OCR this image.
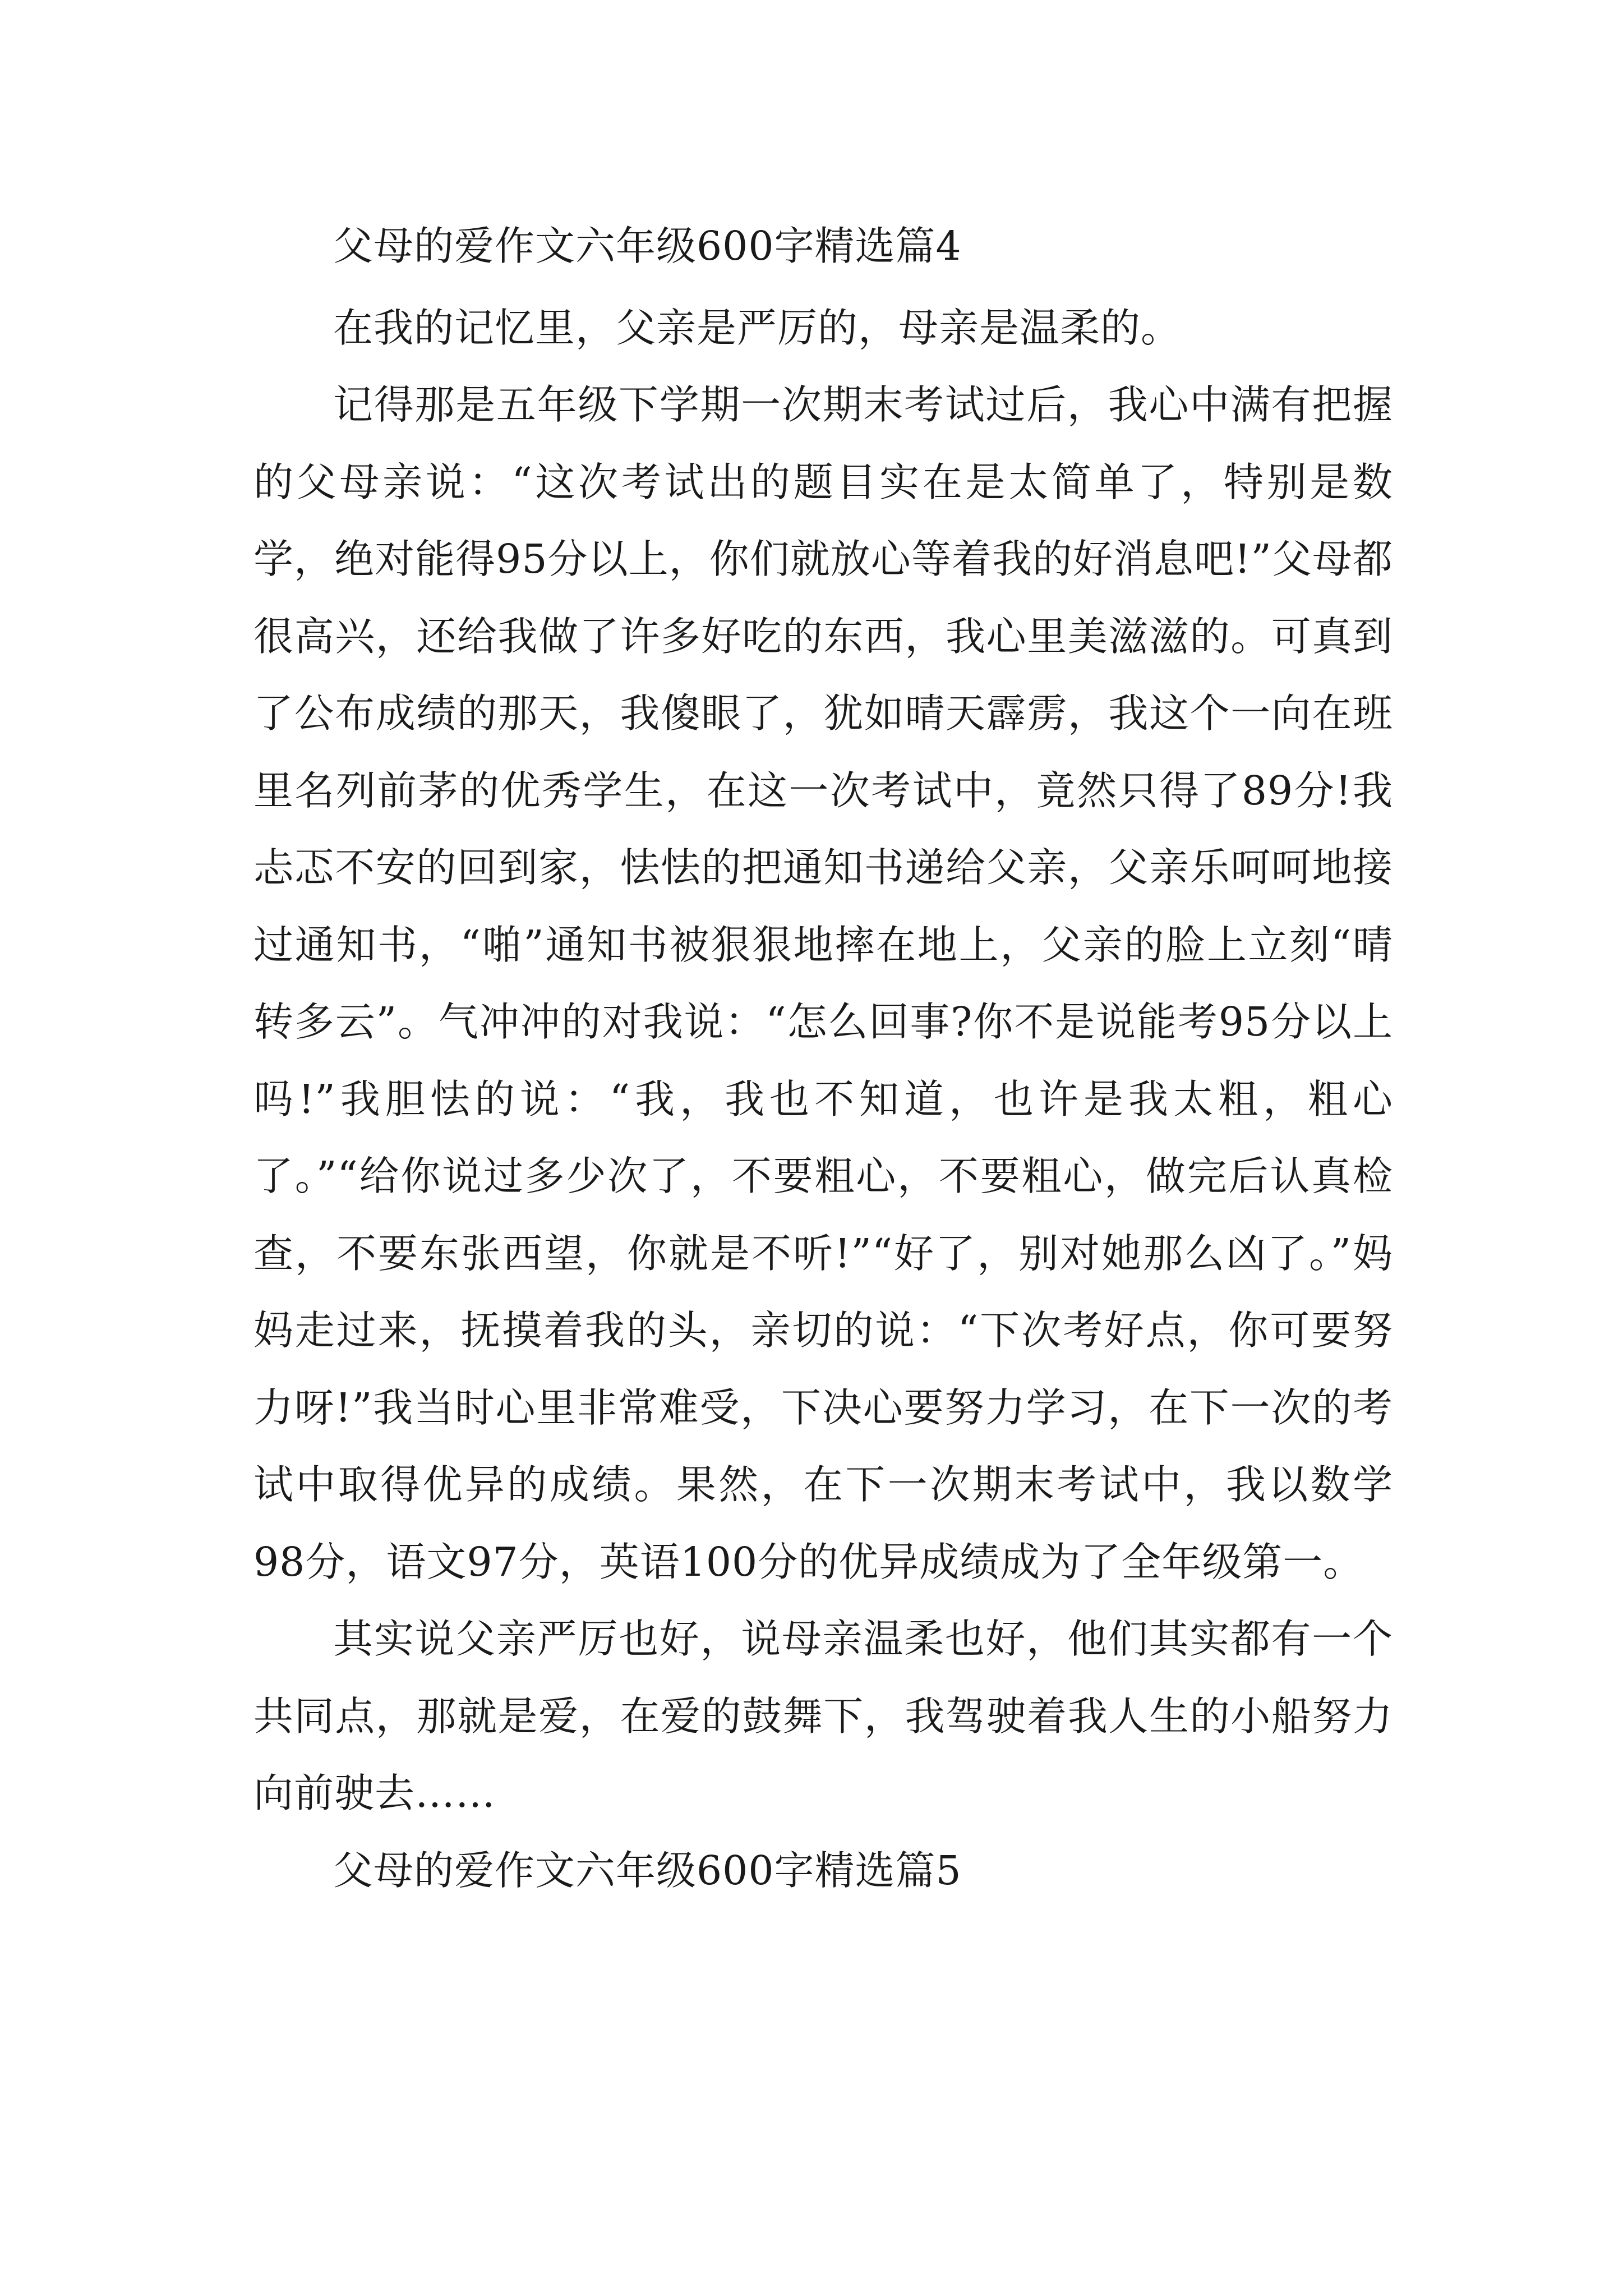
父母的爱作文六年级600字精选篇4

在我的记忆里，父亲是严厉的，母亲是温柔的。

记得那是五年级下学期一次期末考试过后，我心中满有把握的父母亲说：“这次考试出的题目实在是太简单了，特别是数学，绝对能得95分以上，你们就放心等着我的好消息吧!”父母都很高兴，还给我做了许多好吃的东西，我心里美滋滋的。可真到了公布成绩的那天，我傻眼了，犹如晴天霹雳，我这个一向在班里名列前茅的优秀学生，在这一次考试中，竟然只得了89分!我忐忑不安的回到家，怯怯的把通知书递给父亲，父亲乐呵呵地接过通知书，“啪”通知书被狠狠地摔在地上，父亲的脸上立刻“晴转多云”。气冲冲的对我说：“怎么回事?你不是说能考95分以上吗!”我胆怯的说：“我，我也不知道，也许是我太粗，粗心了。”“给你说过多少次了，不要粗心，不要粗心，做完后认真检查，不要东张西望，你就是不听!”“好了，别对她那么凶了。”妈妈走过来，抚摸着我的头，亲切的说：“下次考好点，你可要努力呀!”我当时心里非常难受，下决心要努力学习，在下一次的考试中取得优异的成绩。果然，在下一次期末考试中，我以数学98分，语文97分，英语100分的优异成绩成为了全年级第一。

其实说父亲严厉也好，说母亲温柔也好，他们其实都有一个共同点，那就是爱，在爱的鼓舞下，我驾驶着我人生的小船努力向前驶去……

父母的爱作文六年级600字精选篇5
